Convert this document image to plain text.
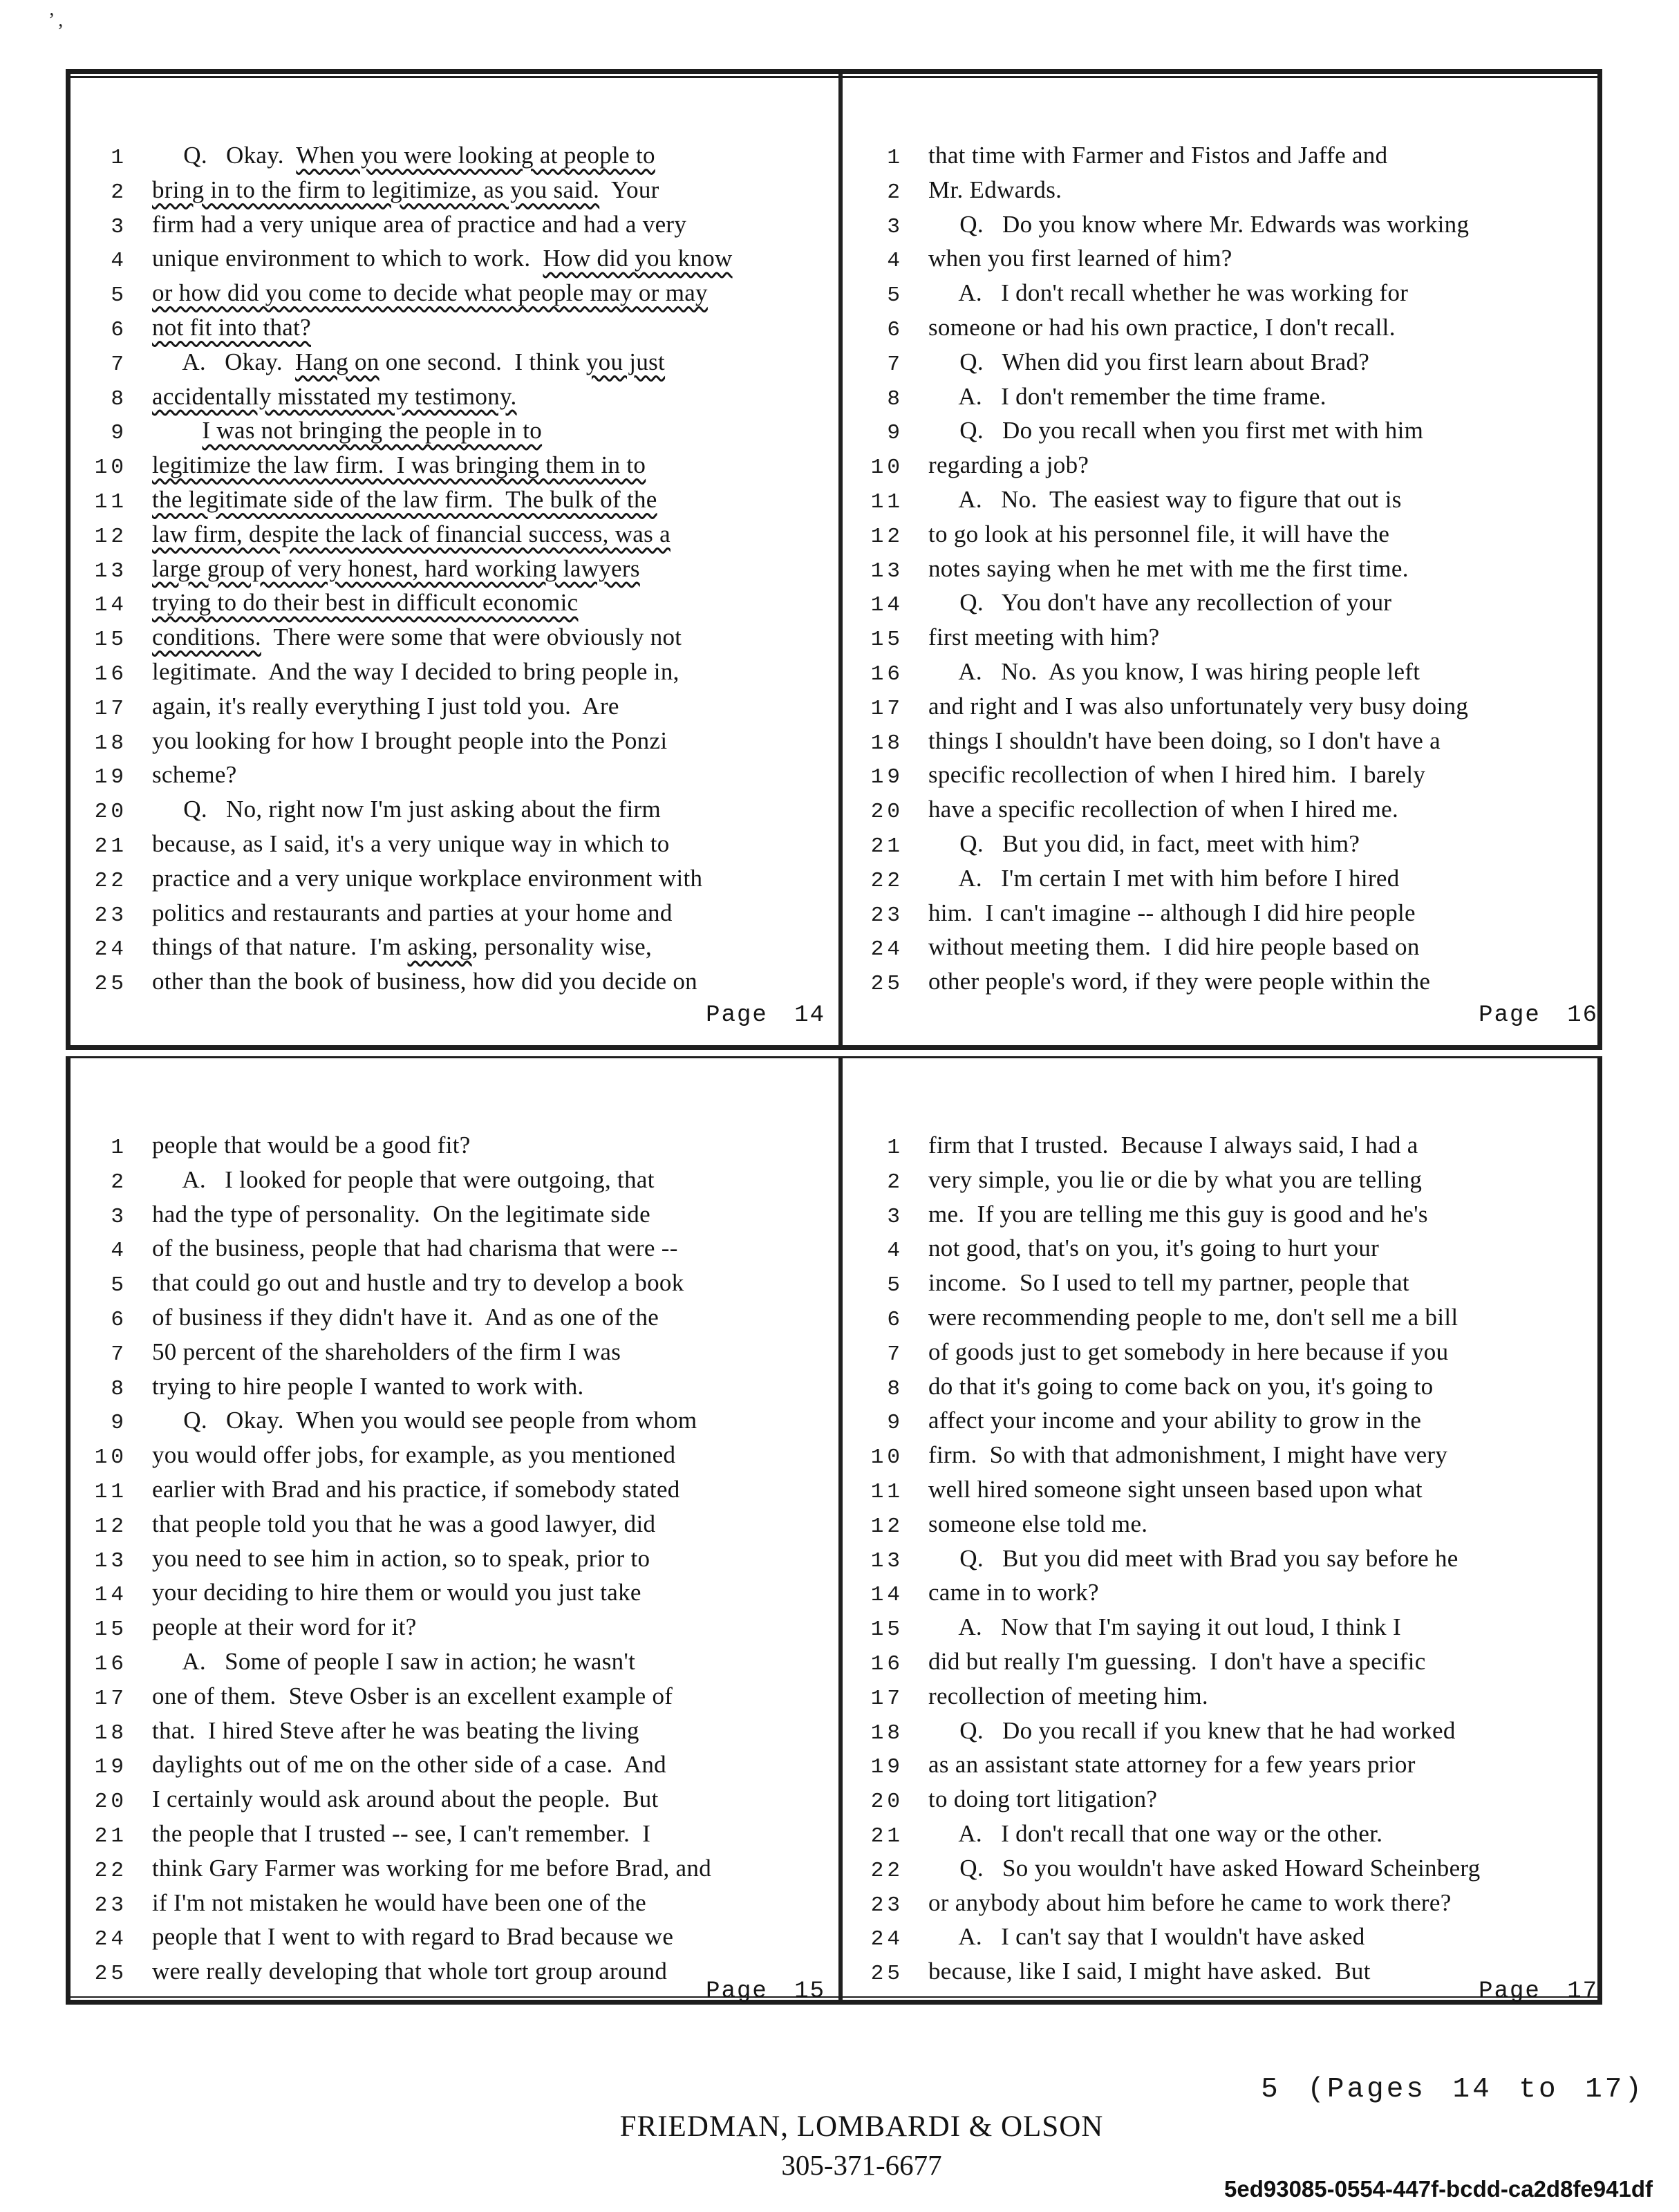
1 Q.   Okay.  When you were looking at people to
2 bring in to the firm to legitimize, as you said.  Your
3 firm had a very unique area of practice and had a very
4 unique environment to which to work.  How did you know
5 or how did you come to decide what people may or may
6 not fit into that?
7 A.   Okay.  Hang on one second.  I think you just
8 accidentally misstated my testimony.
9	I was not bringing the people in to
10 legitimize the law firm.  I was bringing them in to
11 the legitimate side of the law firm.  The bulk of the
12 law firm, despite the lack of financial success, was a
13 large group of very honest, hard working lawyers
14 trying to do their best in difficult economic
15 conditions.  There were some that were obviously not
16 legitimate.  And the way I decided to bring people in,
17 again, it's really everything I just told you.  Are
18 you looking for how I brought people into the Ponzi
19 scheme?
20 Q.   No, right now I'm just asking about the firm
21 because, as I said, it's a very unique way in which to
22 practice and a very unique workplace environment with
23 politics and restaurants and parties at your home and
24 things of that nature.  I'm asking, personality wise,
25 other than the book of business, how did you decide on
Page 14
1 that time with Farmer and Fistos and Jaffe and
2 Mr. Edwards.
3 Q.   Do you know where Mr. Edwards was working
4 when you first learned of him?
5 A.   I don't recall whether he was working for
6 someone or had his own practice, I don't recall.
7 Q.   When did you first learn about Brad?
8 A.   I don't remember the time frame.
9 Q.   Do you recall when you first met with him
10 regarding a job?
11 A.   No.  The easiest way to figure that out is
12 to go look at his personnel file, it will have the
13 notes saying when he met with me the first time.
14 Q.   You don't have any recollection of your
15 first meeting with him?
16 A.   No.  As you know, I was hiring people left
17 and right and I was also unfortunately very busy doing
18 things I shouldn't have been doing, so I don't have a
19 specific recollection of when I hired him.  I barely
20 have a specific recollection of when I hired me.
21 Q.   But you did, in fact, meet with him?
22 A.   I'm certain I met with him before I hired
23 him.  I can't imagine -- although I did hire people
24 without meeting them.  I did hire people based on
25 other people's word, if they were people within the
Page 16
1 people that would be a good fit?
2 A.   I looked for people that were outgoing, that
3 had the type of personality.  On the legitimate side
4 of the business, people that had charisma that were --
5 that could go out and hustle and try to develop a book
6 of business if they didn't have it.  And as one of the
7 50 percent of the shareholders of the firm I was
8 trying to hire people I wanted to work with.
9 Q.   Okay.  When you would see people from whom
10 you would offer jobs, for example, as you mentioned
11 earlier with Brad and his practice, if somebody stated
12 that people told you that he was a good lawyer, did
13 you need to see him in action, so to speak, prior to
14 your deciding to hire them or would you just take
15 people at their word for it?
16 A.   Some of people I saw in action; he wasn't
17 one of them.  Steve Osber is an excellent example of
18 that.  I hired Steve after he was beating the living
19 daylights out of me on the other side of a case.  And
20 I certainly would ask around about the people.  But
21 the people that I trusted -- see, I can't remember.  I
22 think Gary Farmer was working for me before Brad, and
23 if I'm not mistaken he would have been one of the
24 people that I went to with regard to Brad because we
25 were really developing that whole tort group around
Page 15
1 firm that I trusted.  Because I always said, I had a
2 very simple, you lie or die by what you are telling
3 me.  If you are telling me this guy is good and he's
4 not good, that's on you, it's going to hurt your
5 income.  So I used to tell my partner, people that
6 were recommending people to me, don't sell me a bill
7 of goods just to get somebody in here because if you
8 do that it's going to come back on you, it's going to
9 affect your income and your ability to grow in the
10 firm.  So with that admonishment, I might have very
11 well hired someone sight unseen based upon what
12 someone else told me.
13 Q.   But you did meet with Brad you say before he
14 came in to work?
15 A.   Now that I'm saying it out loud, I think I
16 did but really I'm guessing.  I don't have a specific
17 recollection of meeting him.
18 Q.   Do you recall if you knew that he had worked
19 as an assistant state attorney for a few years prior
20 to doing tort litigation?
21 A.   I don't recall that one way or the other.
22 Q.   So you wouldn't have asked Howard Scheinberg
23 or anybody about him before he came to work there?
24 A.   I can't say that I wouldn't have asked
25 because, like I said, I might have asked.  But
Page 17
5 (Pages 14 to 17)
FRIEDMAN, LOMBARDI & OLSON
305-371-6677
5ed93085-0554-447f-bcdd-ca2d8fe941df
’ ,
